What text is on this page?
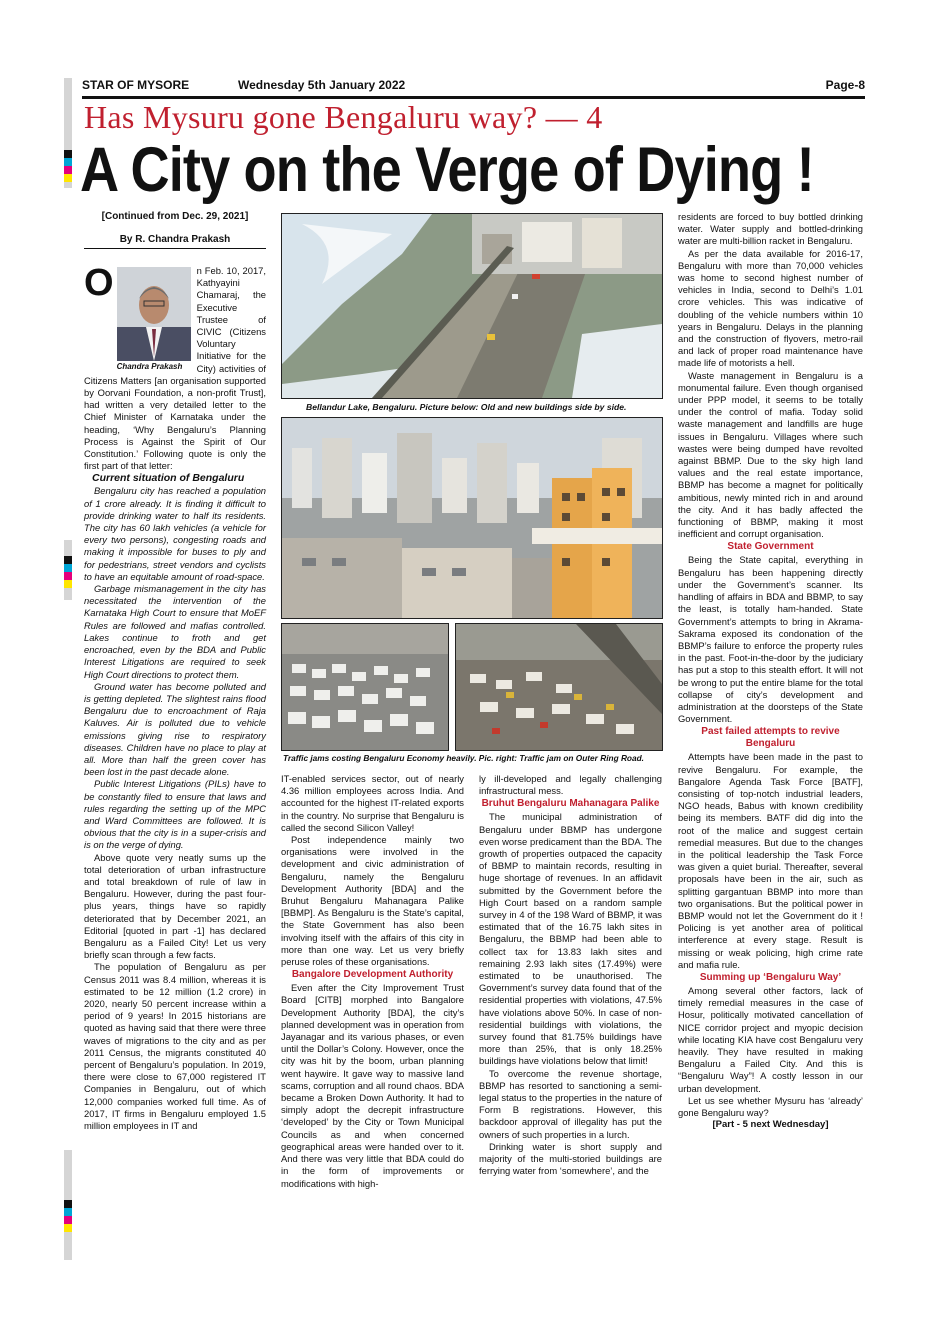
STAR OF MYSORE	Wednesday 5th January 2022	Page-8
Has Mysuru gone Bengaluru way? — 4
A City on the Verge of Dying !
[Continued from Dec. 29, 2021]
By R. Chandra Prakash
O
Chandra Prakash

n Feb. 10, 2017, Kathyayini Chamaraj, the Executive Trustee of CIVIC (Citizens Voluntary Initiative for the City) activities of Citizens Matters [an organisation supported by Oorvani Foundation, a non-profit Trust], had written a very detailed letter to the Chief Minister of Karnataka under the heading, ‘Why Bengaluru’s Planning Process is Against the Spirit of Our Constitution.’ Following quote is only the first part of that letter:

Current situation of Bengaluru

Bengaluru city has reached a population of 1 crore already. It is finding it difficult to provide drinking water to half its residents. The city has 60 lakh vehicles (a vehicle for every two persons), congesting roads and making it impossible for buses to ply and for pedestrians, street vendors and cyclists to have an equitable amount of road-space.

Garbage mismanagement in the city has necessitated the intervention of the Karnataka High Court to ensure that MoEF Rules are followed and mafias controlled. Lakes continue to froth and get encroached, even by the BDA and Public Interest Litigations are required to seek High Court directions to protect them.

Ground water has become polluted and is getting depleted. The slightest rains flood Bengaluru due to encroachment of Raja Kaluves. Air is polluted due to vehicle emissions giving rise to respiratory diseases. Children have no place to play at all. More than half the green cover has been lost in the past decade alone.

Public Interest Litigations (PILs) have to be constantly filed to ensure that laws and rules regarding the setting up of the MPC and Ward Committees are followed. It is obvious that the city is in a super-crisis and is on the verge of dying.

Above quote very neatly sums up the total deterioration of urban infrastructure and total breakdown of rule of law in Bengaluru. However, during the past four-plus years, things have so rapidly deteriorated that by December 2021, an Editorial [quoted in part -1] has declared Bengaluru as a Failed City! Let us very briefly scan through a few facts.

The population of Bengaluru as per Census 2011 was 8.4 million, whereas it is estimated to be 12 million (1.2 crore) in 2020, nearly 50 percent increase within a period of 9 years! In 2015 historians are quoted as having said that there were three waves of migrations to the city and as per 2011 Census, the migrants constituted 40 percent of Bengaluru’s population. In 2019, there were close to 67,000 registered IT Companies in Bengaluru, out of which 12,000 companies worked full time. As of 2017, IT firms in Bengaluru employed 1.5 million employees in IT and

Bellandur Lake, Bengaluru. Picture below: Old and new buildings side by side.
Traffic jams costing Bengaluru Economy heavily. Pic. right: Traffic jam on Outer Ring Road.

IT-enabled services sector, out of nearly 4.36 million employees across India. And accounted for the highest IT-related exports in the country. No surprise that Bengaluru is called the second Silicon Valley!

Post independence mainly two organisations were involved in the development and civic administration of Bengaluru, namely the Bengaluru Development Authority [BDA] and the Bruhut Bengaluru Mahanagara Palike [BBMP]. As Bengaluru is the State’s capital, the State Government has also been involving itself with the affairs of this city in more than one way. Let us very briefly peruse roles of these organisations.

Bangalore Development Authority

Even after the City Improvement Trust Board [CITB] morphed into Bangalore Development Authority [BDA], the city’s planned development was in operation from Jayanagar and its various phases, or even until the Dollar’s Colony. However, once the city was hit by the boom, urban planning went haywire. It gave way to massive land scams, corruption and all round chaos. BDA became a Broken Down Authority. It had to simply adopt the decrepit infrastructure ‘developed’ by the City or Town Municipal Councils as and when concerned geographical areas were handed over to it. And there was very little that BDA could do in the form of improvements or modifications with high-

ly ill-developed and legally challenging infrastructural mess.

Bruhut Bengaluru Mahanagara Palike

The municipal administration of Bengaluru under BBMP has undergone even worse predicament than the BDA. The growth of properties outpaced the capacity of BBMP to maintain records, resulting in huge shortage of revenues. In an affidavit submitted by the Government before the High Court based on a random sample survey in 4 of the 198 Ward of BBMP, it was estimated that of the 16.75 lakh sites in Bengaluru, the BBMP had been able to collect tax for 13.83 lakh sites and remaining 2.93 lakh sites (17.49%) were estimated to be unauthorised. The Government’s survey data found that of the residential properties with violations, 47.5% have violations above 50%. In case of non-residential buildings with violations, the survey found that 81.75% buildings have more than 25%, that is only 18.25% buildings have violations below that limit!

To overcome the revenue shortage, BBMP has resorted to sanctioning a semi-legal status to the properties in the nature of Form B registrations. However, this backdoor approval of illegality has put the owners of such properties in a lurch.

Drinking water is short supply and majority of the multi-storied buildings are ferrying water from ‘somewhere’, and the

residents are forced to buy bottled drinking water. Water supply and bottled-drinking water are multi-billion racket in Bengaluru.

As per the data available for 2016-17, Bengaluru with more than 70,000 vehicles was home to second highest number of vehicles in India, second to Delhi’s 1.01 crore vehicles. This was indicative of doubling of the vehicle numbers within 10 years in Bengaluru. Delays in the planning and the construction of flyovers, metro-rail and lack of proper road maintenance have made life of motorists a hell.

Waste management in Bengaluru is a monumental failure. Even though organised under PPP model, it seems to be totally under the control of mafia. Today solid waste management and landfills are huge issues in Bengaluru. Villages where such wastes were being dumped have revolted against BBMP. Due to the sky high land values and the real estate importance, BBMP has become a magnet for politically ambitious, newly minted rich in and around the city. And it has badly affected the functioning of BBMP, making it most inefficient and corrupt organisation.

State Government

Being the State capital, everything in Bengaluru has been happening directly under the Government’s scanner. Its handling of affairs in BDA and BBMP, to say the least, is totally ham-handed. State Government’s attempts to bring in Akrama-Sakrama exposed its condonation of the BBMP’s failure to enforce the property rules in the past. Foot-in-the-door by the judiciary has put a stop to this stealth effort. It will not be wrong to put the entire blame for the total collapse of city’s development and administration at the doorsteps of the State Government.

Past failed attempts to revive Bengaluru

Attempts have been made in the past to revive Bengaluru. For example, the Bangalore Agenda Task Force [BATF], consisting of top-notch industrial leaders, NGO heads, Babus with known credibility being its members. BATF did dig into the root of the malice and suggest certain remedial measures. But due to the changes in the political leadership the Task Force was given a quiet burial. Thereafter, several proposals have been in the air, such as splitting gargantuan BBMP into more than two organisations. But the political power in BBMP would not let the Government do it ! Policing is yet another area of political interference at every stage. Result is missing or weak policing, high crime rate and mafia rule.

Summing up ‘Bengaluru Way’

Among several other factors, lack of timely remedial measures in the case of Hosur, politically motivated cancellation of NICE corridor project and myopic decision while locating KIA have cost Bengaluru very heavily. They have resulted in making Bengaluru a Failed City. And this is “Bengaluru Way”! A costly lesson in our urban development.

Let us see whether Mysuru has ‘already’ gone Bengaluru way?

[Part - 5 next Wednesday]
